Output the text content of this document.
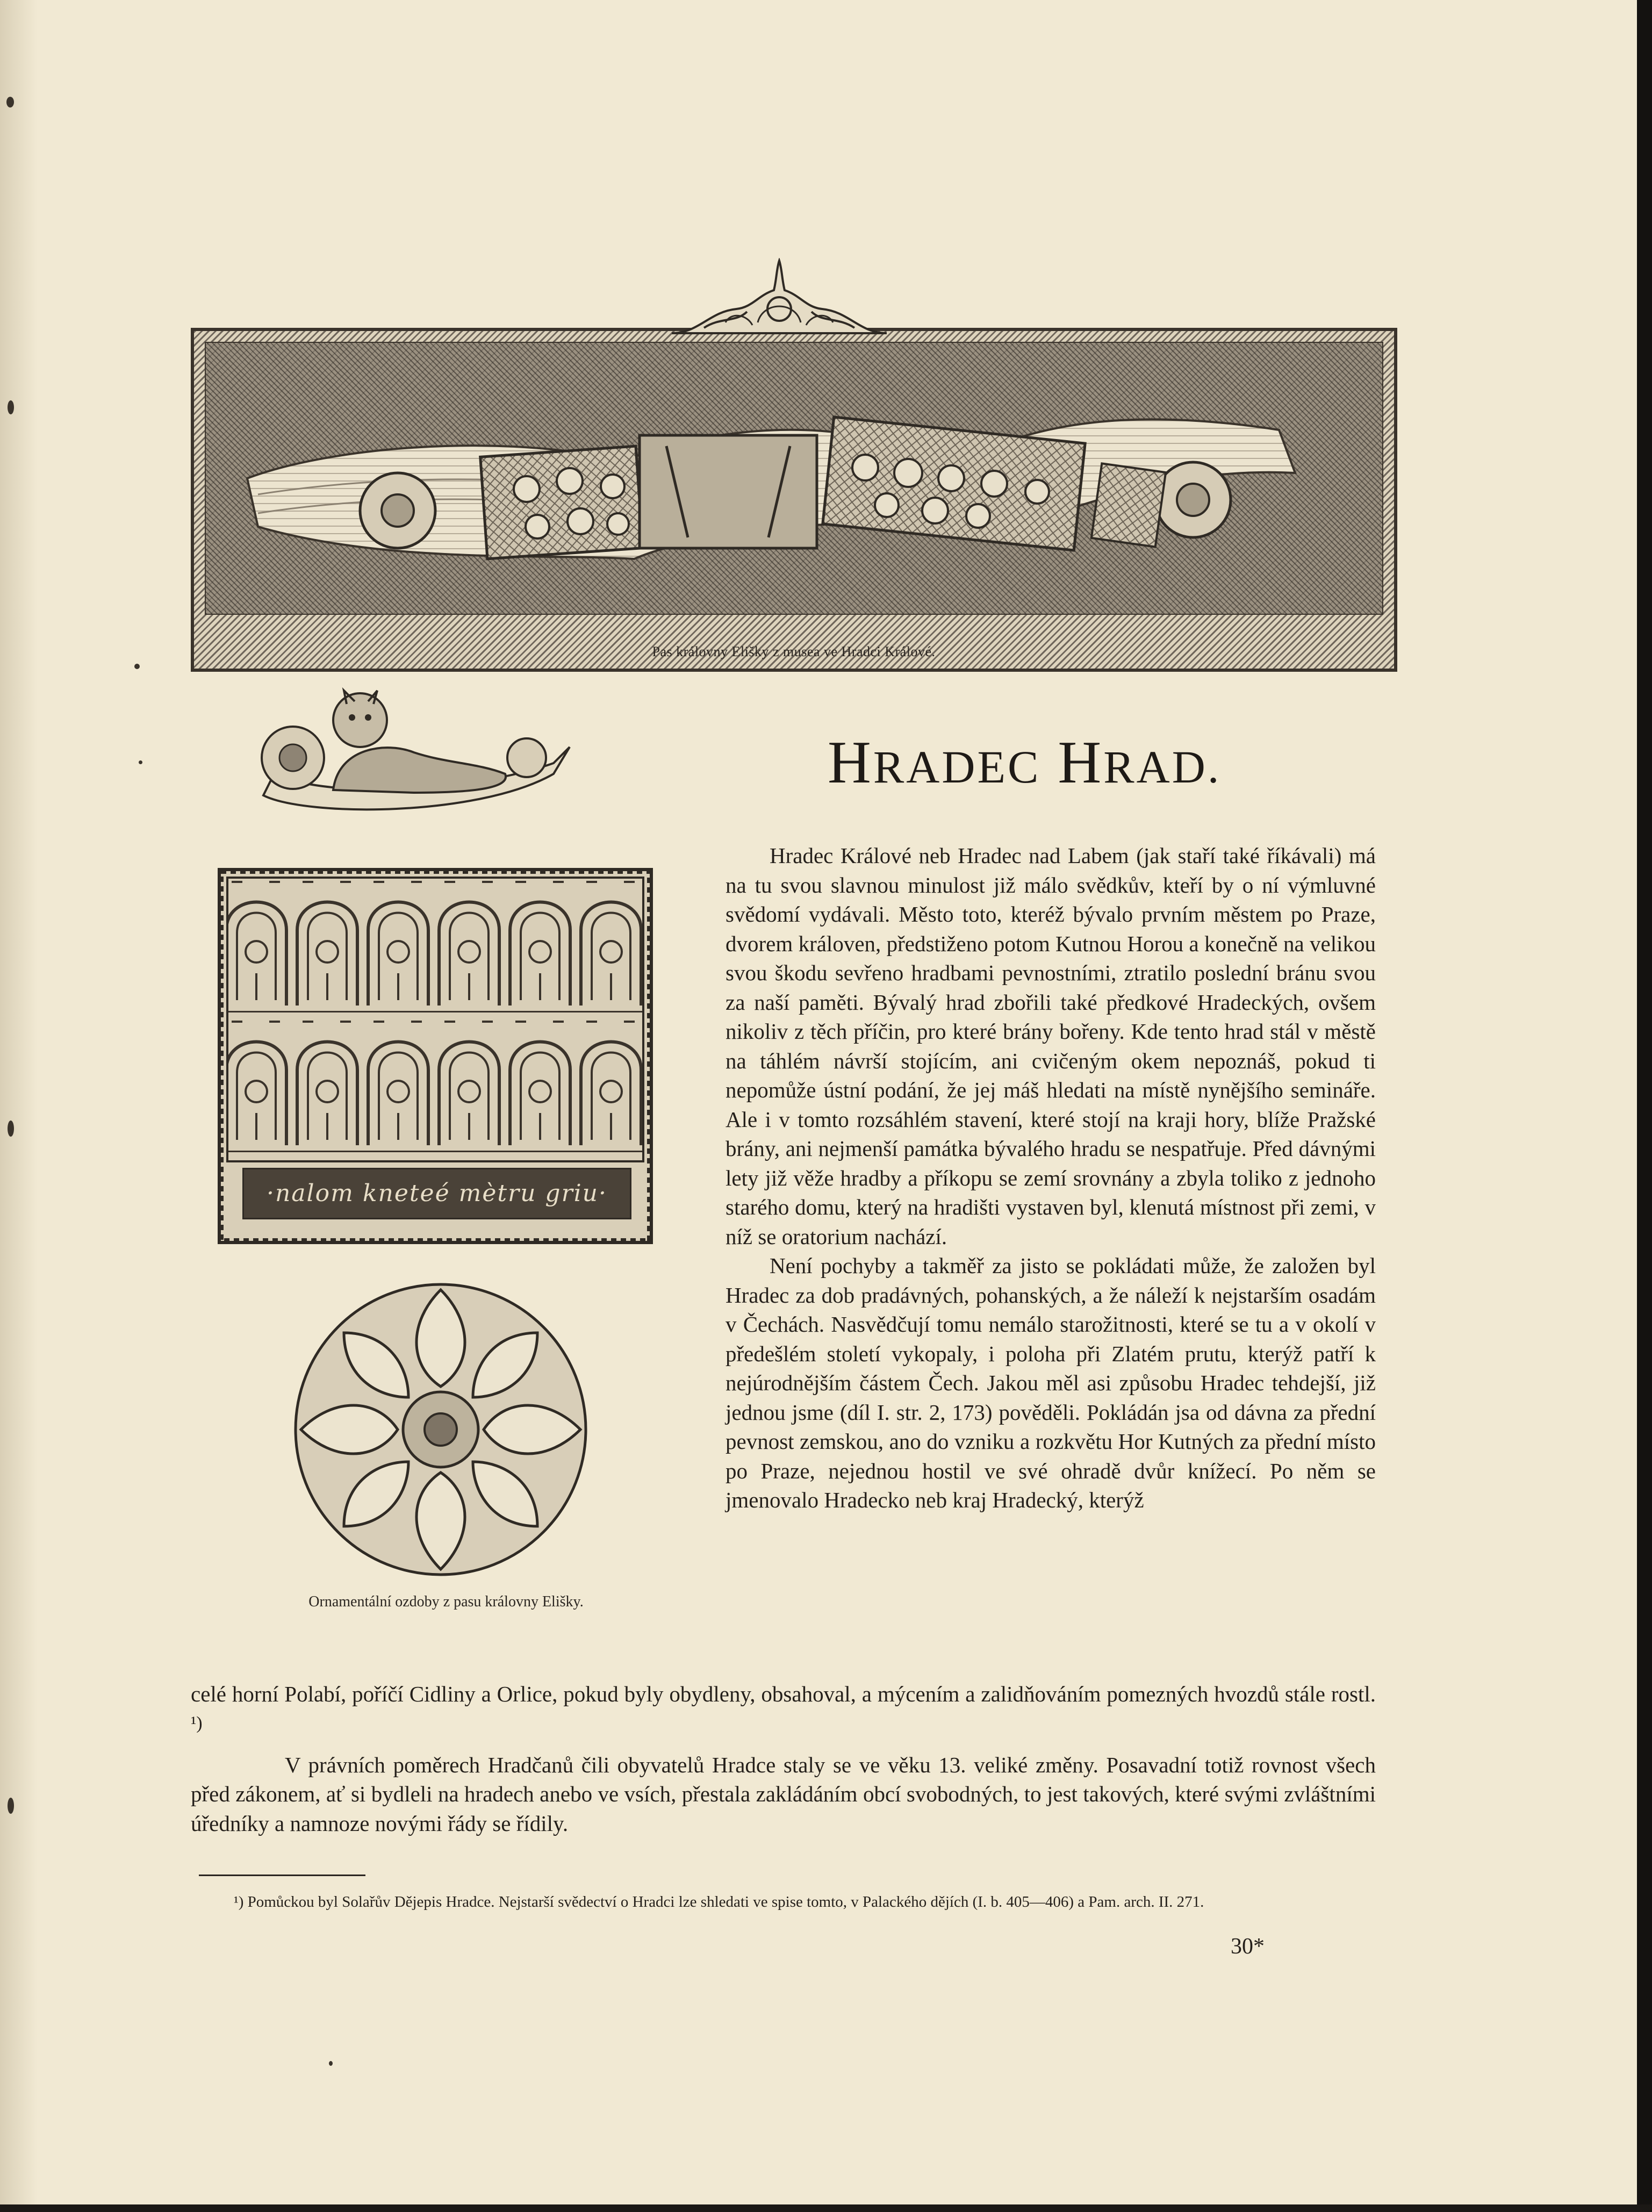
Pas královny Elišky z musea ve Hradci Králové.
·nalom kneteé mètru griu·
Ornamentální ozdoby z pasu královny Elišky.
HRADEC HRAD.

Hradec Králové neb Hradec nad Labem (jak staří také říkávali) má na tu svou slavnou minulost již málo svědkův, kteří by o ní výmluvné svědomí vydávali. Město toto, kteréž bývalo prvním městem po Praze, dvorem královen, předstiženo potom Kutnou Horou a konečně na velikou svou škodu sevřeno hradbami pevnostními, ztratilo poslední bránu svou za naší paměti. Bývalý hrad zbořili také předkové Hradeckých, ovšem nikoliv z těch příčin, pro které brány bořeny. Kde tento hrad stál v městě na táhlém návrší stojícím, ani cvičeným okem nepoznáš, pokud ti nepomůže ústní podání, že jej máš hledati na místě nynějšího semináře. Ale i v tomto rozsáhlém stavení, které stojí na kraji hory, blíže Pražské brány, ani nejmenší památka bývalého hradu se nespatřuje. Před dávnými lety již věže hradby a příkopu se zemí srovnány a zbyla toliko z jednoho starého domu, který na hradišti vystaven byl, klenutá místnost při zemi, v níž se oratorium nachází.

Není pochyby a takměř za jisto se pokládati může, že založen byl Hradec za dob pradávných, pohanských, a že náleží k nejstarším osadám v Čechách. Nasvědčují tomu nemálo starožitnosti, které se tu a v okolí v předešlém století vykopaly, i poloha při Zlatém prutu, kterýž patří k nejúrodnějším částem Čech. Jakou měl asi způsobu Hradec tehdejší, již jednou jsme (díl I. str. 2, 173) pověděli. Pokládán jsa od dávna za přední pevnost zemskou, ano do vzniku a rozkvětu Hor Kutných za přední místo po Praze, nejednou hostil ve své ohradě dvůr knížecí. Po něm se jmenovalo Hradecko neb kraj Hradecký, kterýž

celé horní Polabí, poříčí Cidliny a Orlice, pokud byly obydleny, obsahoval, a mýcením a zalidňováním pomezných hvozdů stále rostl. $^{^1)}$

V právních poměrech Hradčanů čili obyvatelů Hradce staly se ve věku 13. veliké změny. Posavadní totiž rovnost všech před zákonem, ať si bydleli na hradech anebo ve vsích, přestala zakládáním obcí svobodných, to jest takových, které svými zvláštními úředníky a namnoze novými řády se řídily.

¹) Pomůckou byl Solařův Dějepis Hradce. Nejstarší svědectví o Hradci lze shledati ve spise tomto, v Palackého dějích (I. b. 405—406) a Pam. arch. II. 271.
30*
